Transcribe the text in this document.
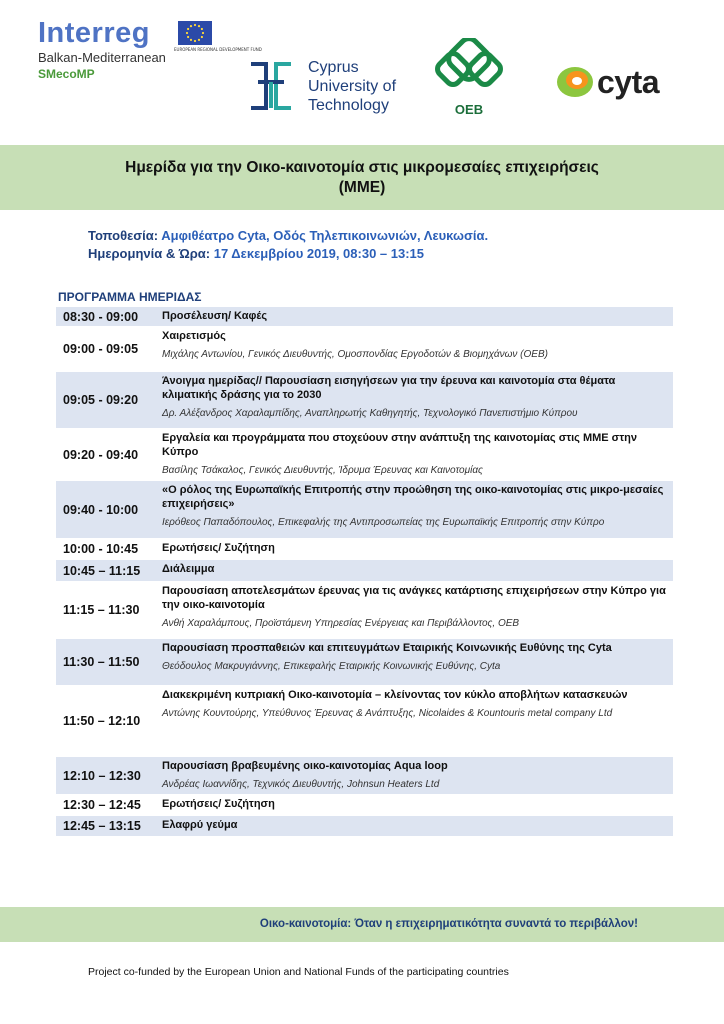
Interreg
EUROPEAN REGIONAL DEVELOPMENT FUND
Balkan-Mediterranean
SMecoMP	Cyprus
University of
Technology	OEB
cyta
Ημερίδα για την Οικο-καινοτομία στις μικρομεσαίες επιχειρήσεις
(ΜΜΕ)
Τοποθεσία: Αμφιθέατρο Cyta, Οδός Τηλεπικοινωνιών, Λευκωσία.
Ημερομηνία & Ώρα: 17 Δεκεμβρίου 2019, 08:30 – 13:15
ΠΡΟΓΡΑΜΜΑ ΗΜΕΡΙΔΑΣ
08:30 - 09:00	Προσέλευση/ Καφές
09:00 - 09:05
Χαιρετισμός
Μιχάλης Αντωνίου, Γενικός Διευθυντής, Ομοσπονδίας Εργοδοτών & Βιομηχάνων (ΟΕΒ)
09:05 - 09:20
Άνοιγμα ημερίδας// Παρουσίαση εισηγήσεων για την έρευνα και καινοτομία στα θέματα κλιματικής δράσης για το 2030
Δρ. Αλέξανδρος Χαραλαμπίδης, Αναπληρωτής Καθηγητής, Τεχνολογικό Πανεπιστήμιο Κύπρου
09:20 - 09:40
Εργαλεία και προγράμματα που στοχεύουν στην ανάπτυξη της καινοτομίας στις ΜΜΕ στην Κύπρο
Βασίλης Τσάκαλος, Γενικός Διευθυντής, Ίδρυμα Έρευνας και Καινοτομίας
09:40 - 10:00
«Ο ρόλος της Ευρωπαϊκής Επιτροπής στην προώθηση της οικο-καινοτομίας στις μικρο-μεσαίες επιχειρήσεις»
Ιερόθεος Παπαδόπουλος, Επικεφαλής της Αντιπροσωπείας της Ευρωπαϊκής Επιτροπής στην Κύπρο
10:00 - 10:45	Ερωτήσεις/ Συζήτηση
10:45 – 11:15	Διάλειμμα
11:15 – 11:30
Παρουσίαση αποτελεσμάτων έρευνας για τις ανάγκες κατάρτισης επιχειρήσεων στην Κύπρο για την οικο-καινοτομία
Ανθή Χαραλάμπους, Προϊστάμενη Υπηρεσίας Ενέργειας και Περιβάλλοντος, ΟΕΒ
11:30 – 11:50
Παρουσίαση προσπαθειών και επιτευγμάτων Εταιρικής Κοινωνικής Ευθύνης της Cyta
Θεόδουλος Μακρυγιάννης, Επικεφαλής Εταιρικής Κοινωνικής Ευθύνης, Cyta
11:50 – 12:10
Διακεκριμένη κυπριακή Οικο-καινοτομία – κλείνοντας τον κύκλο αποβλήτων κατασκευών
Αντώνης Κουντούρης, Υπεύθυνος Έρευνας & Ανάπτυξης, Nicolaides & Kountouris metal company Ltd
12:10 – 12:30
Παρουσίαση βραβευμένης οικο-καινοτομίας Aqua loop
Ανδρέας Ιωαννίδης, Τεχνικός Διευθυντής, Johnsun Heaters Ltd
12:30 – 12:45	Ερωτήσεις/ Συζήτηση
12:45 – 13:15	Ελαφρύ γεύμα
Οικο-καινοτομία: Όταν η επιχειρηματικότητα συναντά το περιβάλλον!
Project co-funded by the European Union and National Funds of the participating countries
